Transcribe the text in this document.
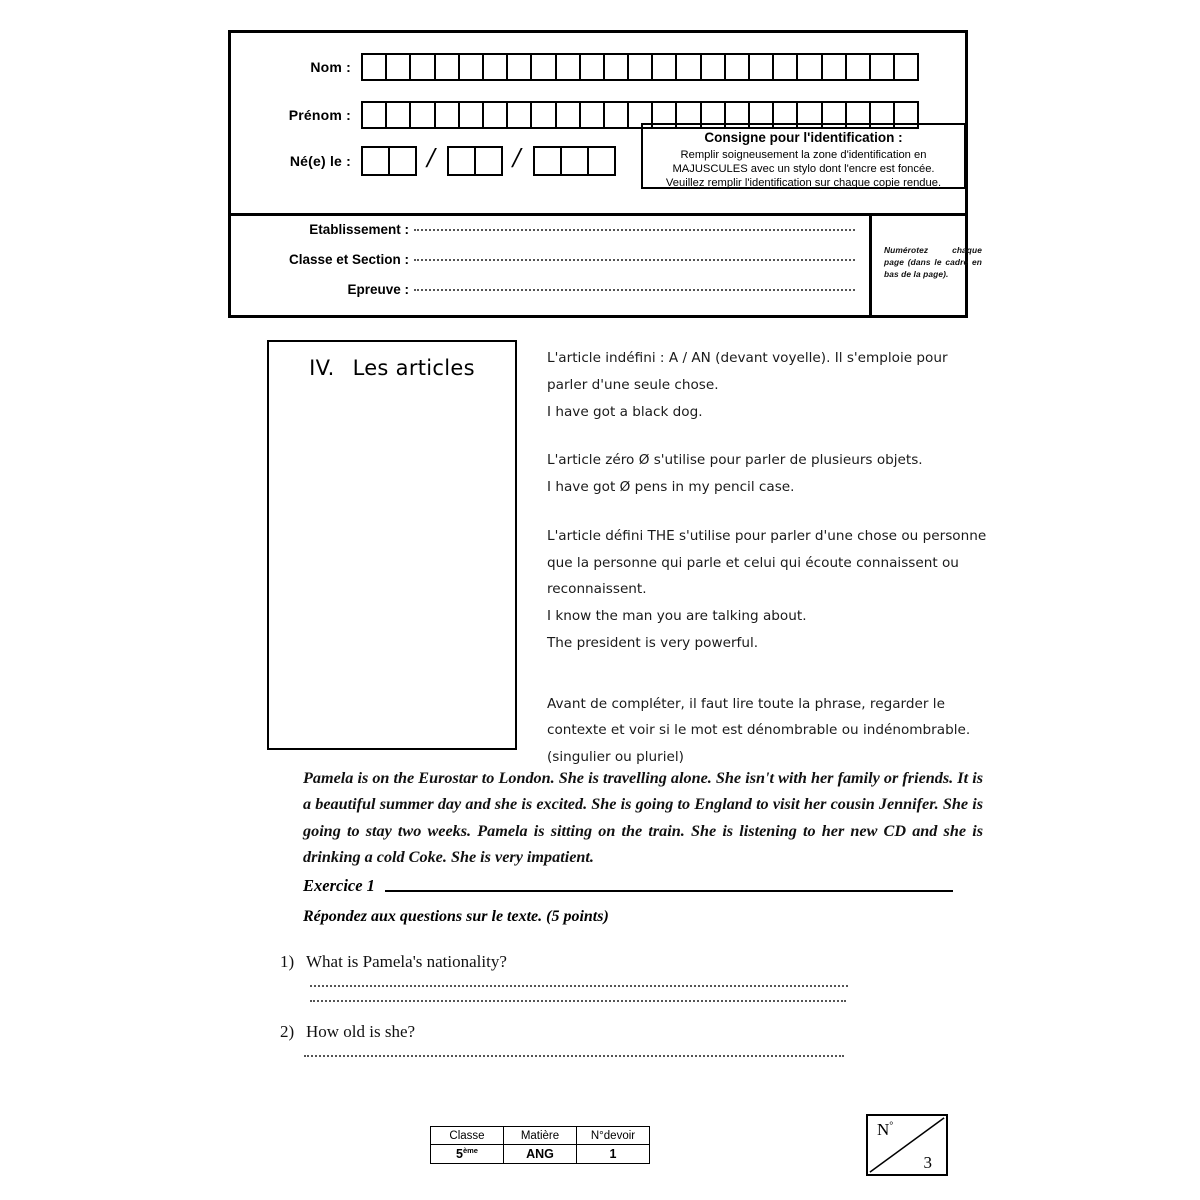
Nom :
Prénom :
Né(e) le :	/	/
Consigne pour l'identification :
Remplir soigneusement la zone d'identification en
MAJUSCULES avec un stylo dont l'encre est foncée.
Veuillez remplir l'identification sur chaque copie rendue.
Etablissement :
Classe et Section :
Epreuve :
Numérotez chaque page (dans le cadre en bas de la page).
IV. Les articles	L'article indéfini : A / AN (devant voyelle). Il s'emploie pour parler d'une seule chose.
I have got a black dog.

L'article zéro Ø s'utilise pour parler de plusieurs objets.
I have got Ø pens in my pencil case.

L'article défini THE s'utilise pour parler d'une chose ou personne que la personne qui parle et celui qui écoute connaissent ou reconnaissent.
I know the man you are talking about.
The president is very powerful.

Avant de compléter, il faut lire toute la phrase, regarder le contexte et voir si le mot est dénombrable ou indénombrable. (singulier ou pluriel)

Pamela is on the Eurostar to London. She is travelling alone. She isn't with her family or friends. It is a beautiful summer day and she is excited. She is going to England to visit her cousin Jennifer. She is going to stay two weeks. Pamela is sitting on the train. She is listening to her new CD and she is drinking a cold Coke. She is very impatient.
Exercice 1
Répondez aux questions sur le texte. (5 points)
1) What is Pamela's nationality?
2) How old is she?
Classe	Matière	N°devoir
5ème	ANG	1
N°
3
